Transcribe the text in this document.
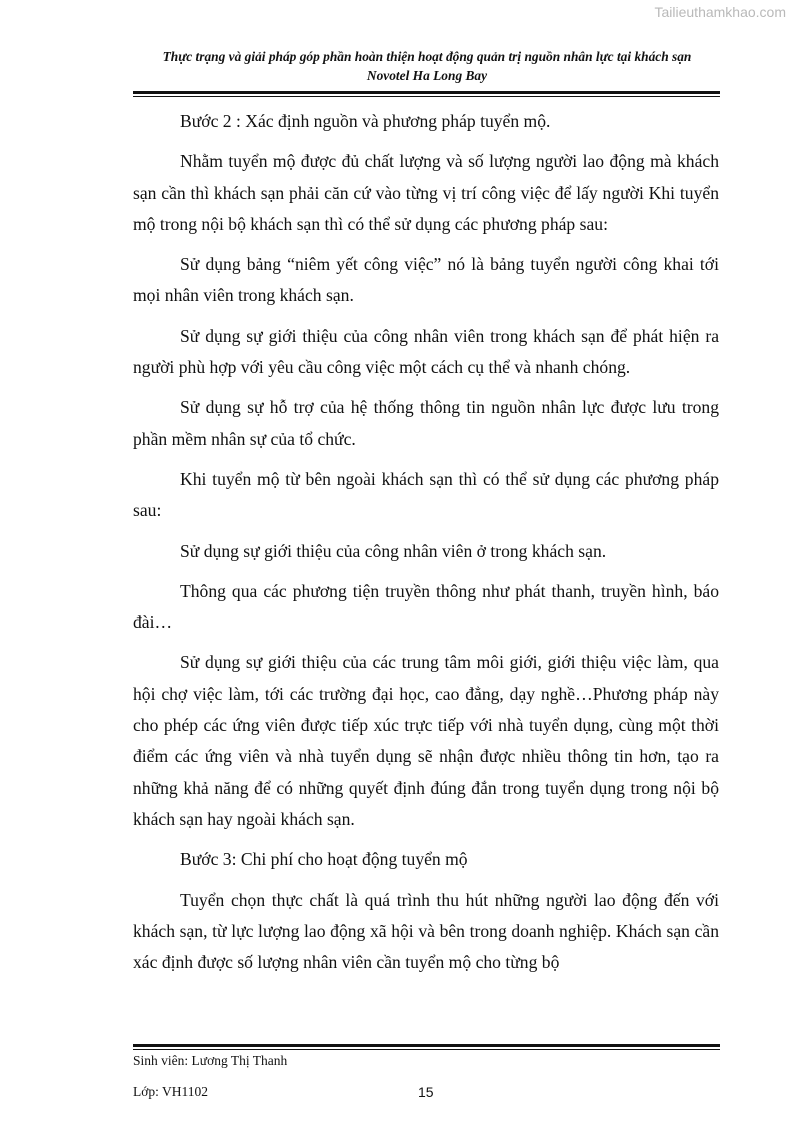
Tailieuthamkhao.com
Thực trạng và giải pháp góp phần hoàn thiện hoạt động quản trị nguồn nhân lực tại khách sạn
Novotel Ha Long Bay

Bước 2 : Xác định nguồn và phương pháp tuyển mộ.

Nhằm tuyển mộ được đủ chất lượng và số lượng người lao động mà khách sạn cần thì khách sạn phải căn cứ vào từng vị trí công việc để lấy người Khi tuyển mộ trong nội bộ khách sạn thì có thể sử dụng các phương pháp sau:

Sử dụng bảng “niêm yết công việc” nó là bảng tuyển người công khai tới mọi nhân viên trong khách sạn.

Sử dụng sự giới thiệu của công nhân viên trong khách sạn để phát hiện ra người phù hợp với yêu cầu công việc một cách cụ thể và nhanh chóng.

Sử dụng sự hỗ trợ của hệ thống thông tin nguồn nhân lực được lưu trong phần mềm nhân sự của tổ chức.

Khi tuyển mộ từ bên ngoài khách sạn thì có thể sử dụng các phương pháp sau:

Sử dụng sự giới thiệu của công nhân viên ở trong khách sạn.

Thông qua các phương tiện truyền thông như phát thanh, truyền hình, báo đài…

Sử dụng sự giới thiệu của các trung tâm môi giới, giới thiệu việc làm, qua hội chợ việc làm, tới các trường đại học, cao đẳng, dạy nghề…Phương pháp này cho phép các ứng viên được tiếp xúc trực tiếp với nhà tuyển dụng, cùng một thời điểm các ứng viên và nhà tuyển dụng sẽ nhận được nhiều thông tin hơn, tạo ra những khả năng để có những quyết định đúng đắn trong tuyển dụng trong nội bộ khách sạn hay ngoài khách sạn.

Bước 3: Chi phí cho hoạt động tuyển mộ

Tuyển chọn thực chất là quá trình thu hút những người lao động đến với khách sạn, từ lực lượng lao động xã hội và bên trong doanh nghiệp. Khách sạn cần xác định được số lượng nhân viên cần tuyển mộ cho từng bộ

Sinh viên: Lương Thị Thanh
Lớp: VH1102	15
